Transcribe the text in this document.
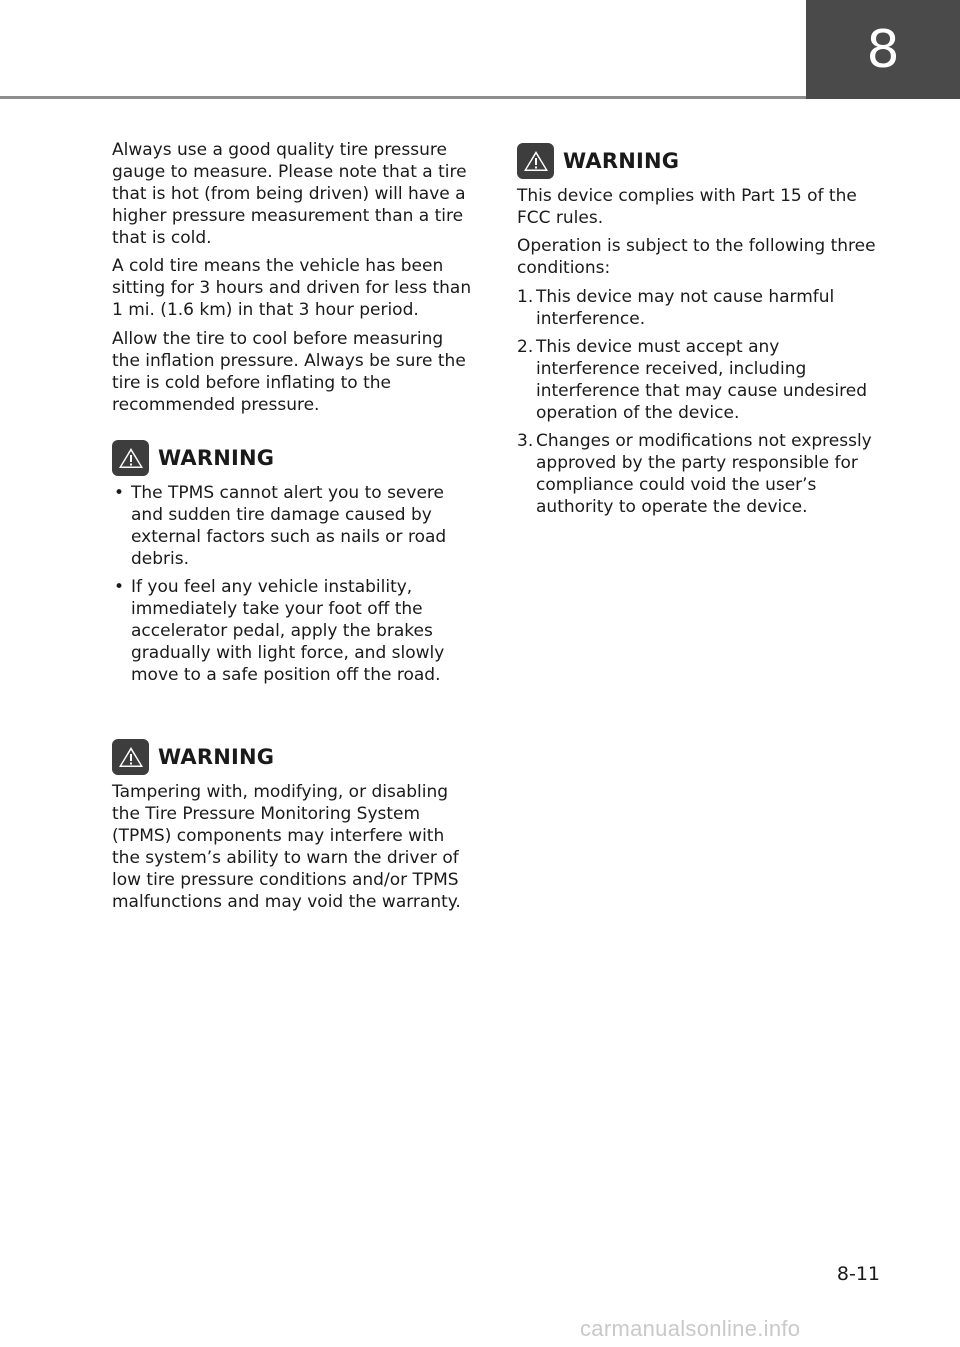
8

Always use a good quality tire pressure gauge to measure. Please note that a tire that is hot (from being driven) will have a higher pressure measurement than a tire that is cold.

A cold tire means the vehicle has been sitting for 3 hours and driven for less than 1 mi. (1.6 km) in that 3 hour period.

Allow the tire to cool before measuring the inflation pressure. Always be sure the tire is cold before inflating to the recommended pressure.

WARNING
• The TPMS cannot alert you to severe and sudden tire damage caused by external factors such as nails or road debris.
• If you feel any vehicle instability, immediately take your foot off the accelerator pedal, apply the brakes gradually with light force, and slowly move to a safe position off the road.
WARNING

Tampering with, modifying, or disabling the Tire Pressure Monitoring System (TPMS) components may interfere with the system’s ability to warn the driver of low tire pressure conditions and/or TPMS malfunctions and may void the warranty.

WARNING

This device complies with Part 15 of the FCC rules.

Operation is subject to the following three conditions:

1. This device may not cause harmful interference.
2. This device must accept any interference received, including interference that may cause undesired operation of the device.
3. Changes or modifications not expressly approved by the party responsible for compliance could void the user’s authority to operate the device.
8-11
carmanualsonline.info
